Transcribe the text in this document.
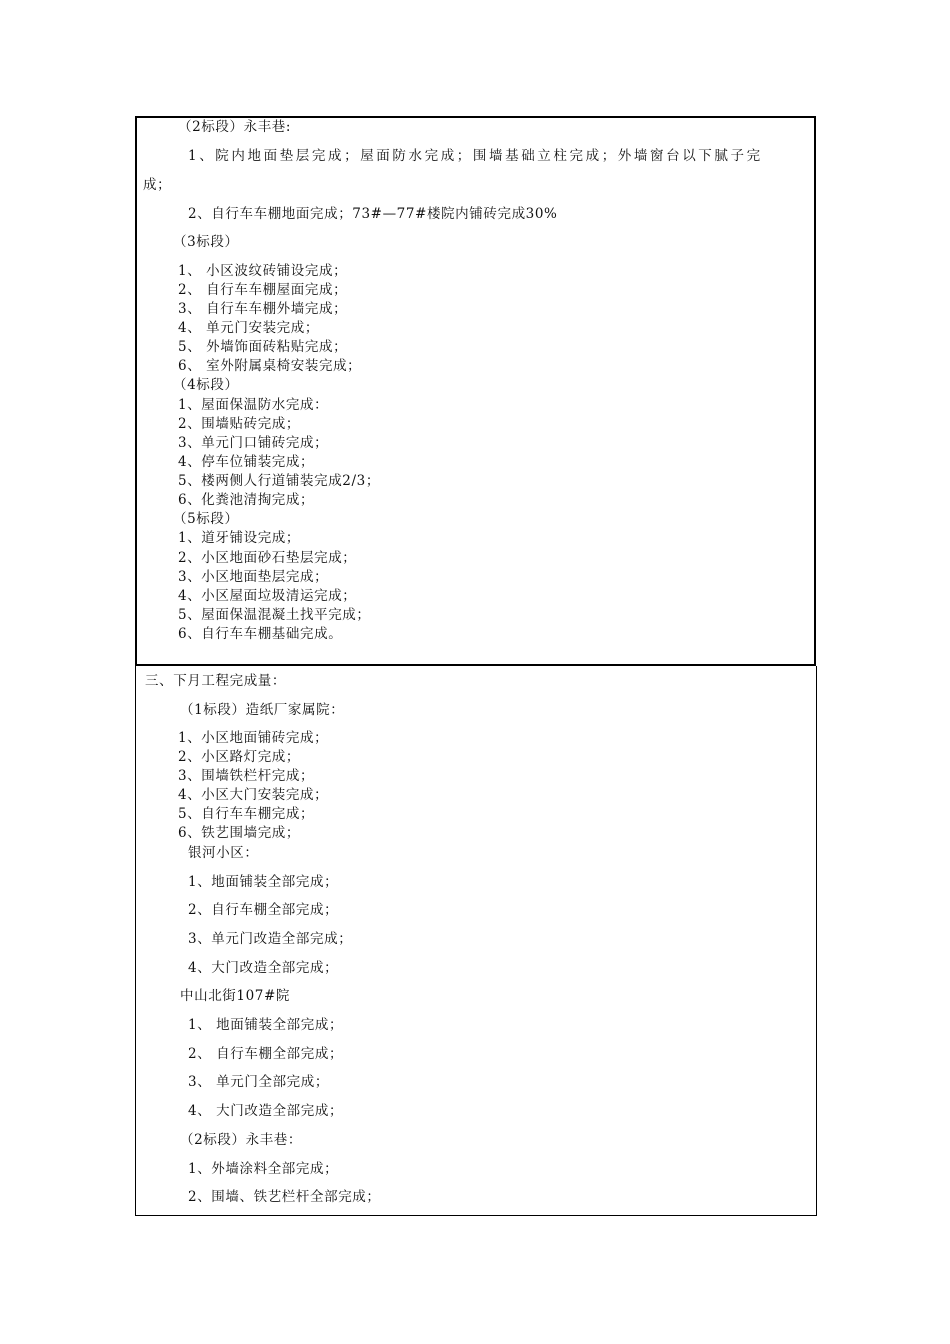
（2标段）永丰巷:
1、院内地面垫层完成；屋面防水完成；围墙基础立柱完成；外墙窗台以下腻子完
成；
2、自行车车棚地面完成；73#—77#楼院内铺砖完成30%
（3标段）
1、 小区波纹砖铺设完成；
2、 自行车车棚屋面完成；
3、 自行车车棚外墙完成；
4、 单元门安装完成；
5、 外墙饰面砖粘贴完成；
6、 室外附属桌椅安装完成；
（4标段）
1、屋面保温防水完成：
2、围墙贴砖完成；
3、单元门口铺砖完成；
4、停车位铺装完成；
5、楼两侧人行道铺装完成2/3；
6、化粪池清掏完成；
（5标段）
1、道牙铺设完成；
2、小区地面砂石垫层完成；
3、小区地面垫层完成；
4、小区屋面垃圾清运完成；
5、屋面保温混凝土找平完成；
6、自行车车棚基础完成。
三、下月工程完成量：
（1标段）造纸厂家属院：
1、小区地面铺砖完成；
2、小区路灯完成；
3、围墙铁栏杆完成；
4、小区大门安装完成；
5、自行车车棚完成；
6、铁艺围墙完成；
银河小区：
1、地面铺装全部完成；
2、自行车棚全部完成；
3、单元门改造全部完成；
4、大门改造全部完成；
中山北街107#院
1、 地面铺装全部完成；
2、 自行车棚全部完成；
3、 单元门全部完成；
4、 大门改造全部完成；
（2标段）永丰巷：
1、外墙涂料全部完成；
2、围墙、铁艺栏杆全部完成；
